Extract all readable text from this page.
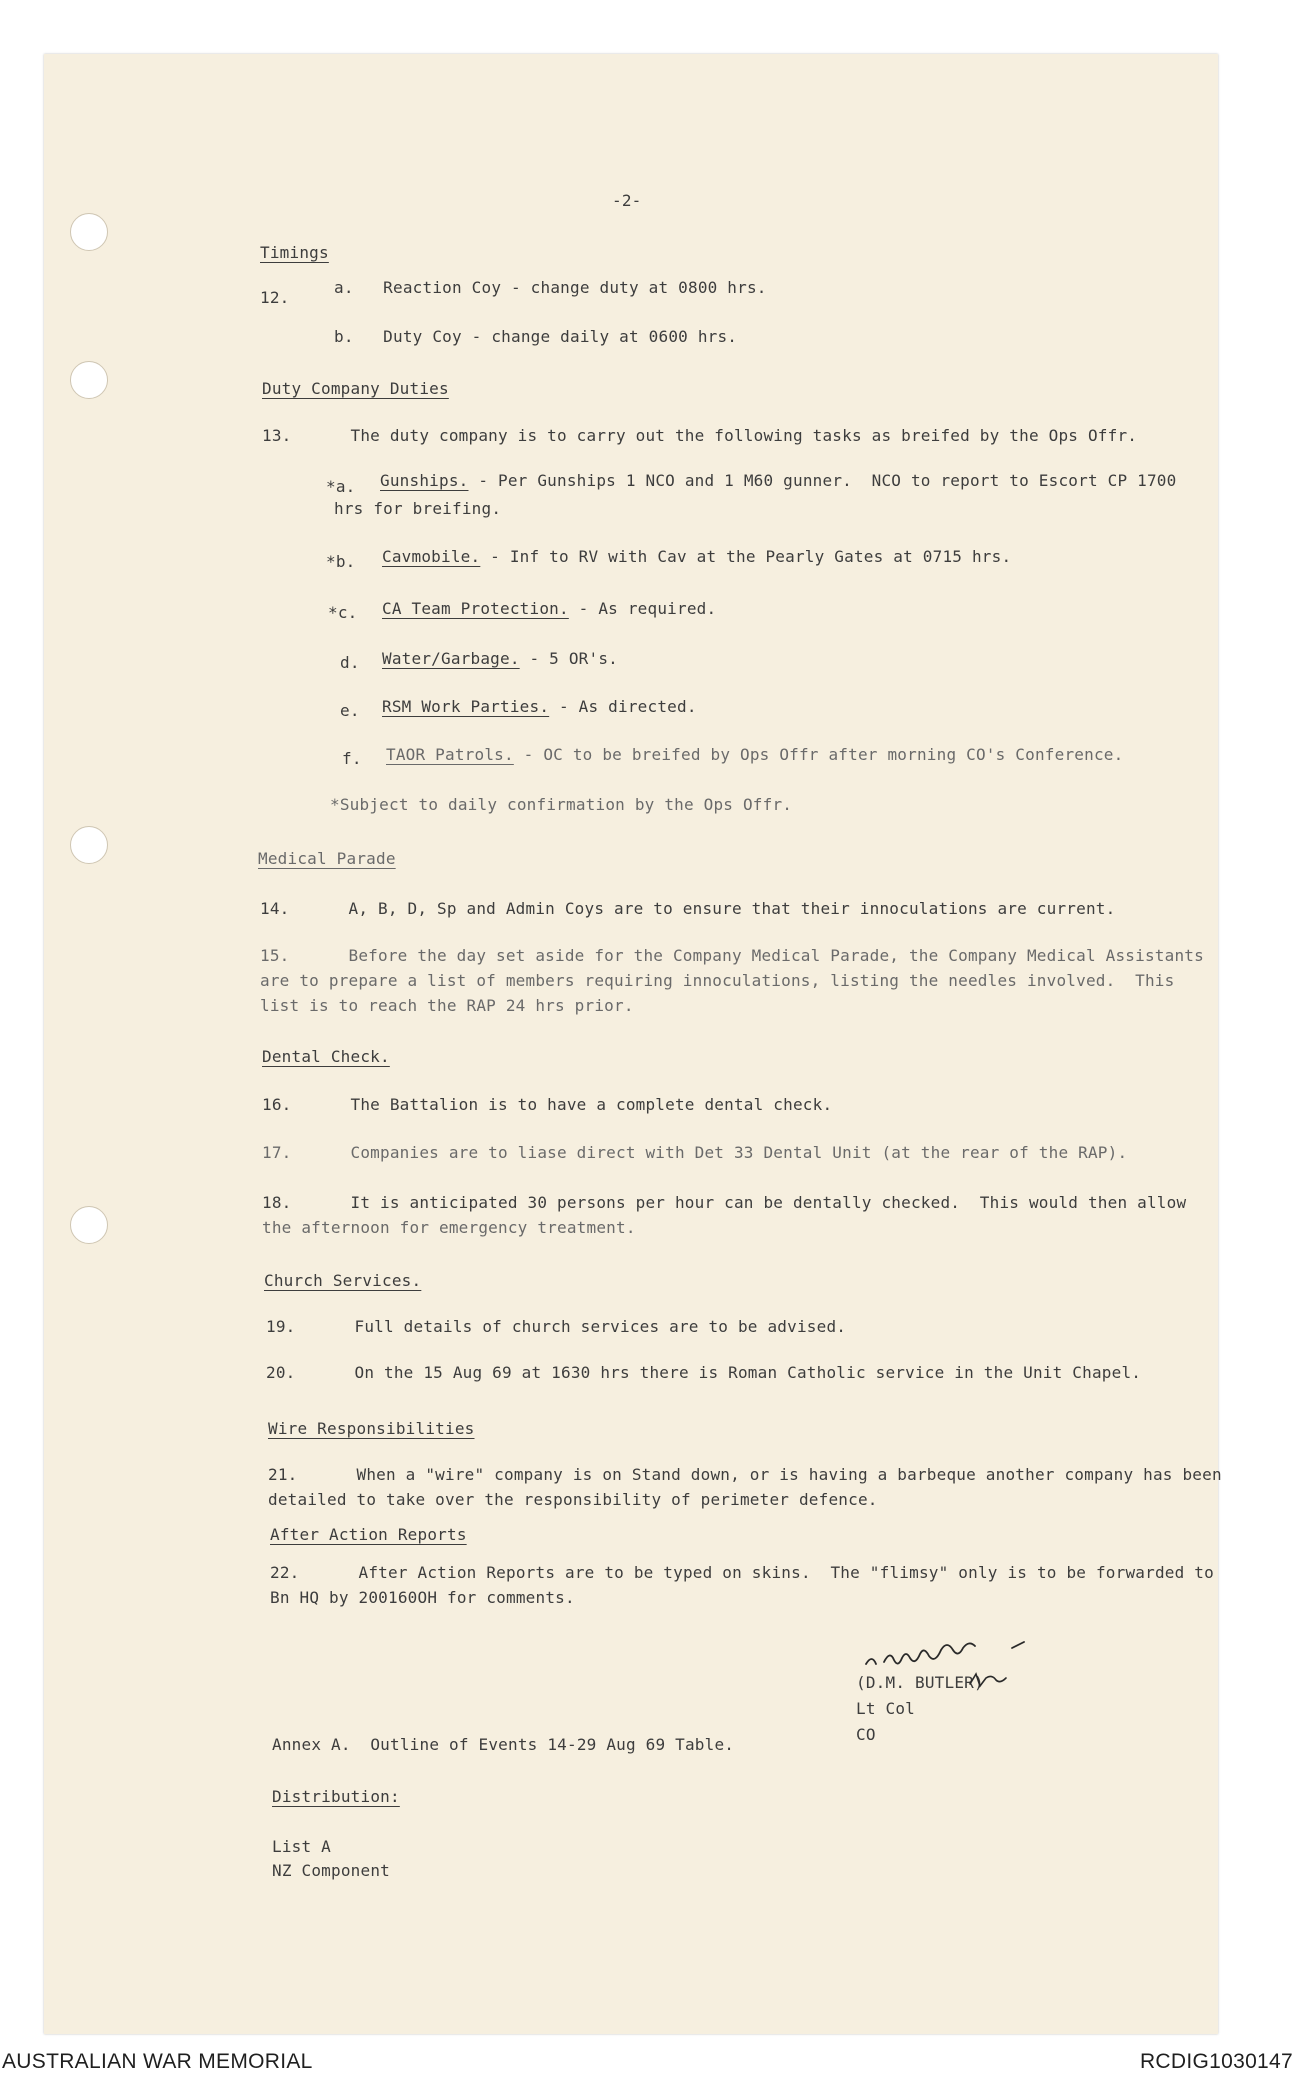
-2-
Timings
12.
a.   Reaction Coy - change duty at 0800 hrs.
b.   Duty Coy - change daily at 0600 hrs.
Duty Company Duties
13.      The duty company is to carry out the following tasks as breifed by the Ops Offr.
*a. Gunships. - Per Gunships 1 NCO and 1 M60 gunner.  NCO to report to Escort CP 1700
hrs for breifing.
*b. Cavmobile. - Inf to RV with Cav at the Pearly Gates at 0715 hrs.
*c. CA Team Protection. - As required.
d. Water/Garbage. - 5 OR's.
e. RSM Work Parties. - As directed.
f. TAOR Patrols. - OC to be breifed by Ops Offr after morning CO's Conference.
*Subject to daily confirmation by the Ops Offr.
Medical Parade
14.      A, B, D, Sp and Admin Coys are to ensure that their innoculations are current.
15.      Before the day set aside for the Company Medical Parade, the Company Medical Assistants
are to prepare a list of members requiring innoculations, listing the needles involved.  This
list is to reach the RAP 24 hrs prior.
Dental Check.
16.      The Battalion is to have a complete dental check.
17.      Companies are to liase direct with Det 33 Dental Unit (at the rear of the RAP).
18.      It is anticipated 30 persons per hour can be dentally checked.  This would then allow
the afternoon for emergency treatment.
Church Services.
19.      Full details of church services are to be advised.
20.      On the 15 Aug 69 at 1630 hrs there is Roman Catholic service in the Unit Chapel.
Wire Responsibilities
21.      When a "wire" company is on Stand down, or is having a barbeque another company has been
detailed to take over the responsibility of perimeter defence.
After Action Reports
22.      After Action Reports are to be typed on skins.  The "flimsy" only is to be forwarded to
Bn HQ by 200160OH for comments.
(D.M. BUTLER)
Lt Col
CO
Annex A.  Outline of Events 14-29 Aug 69 Table.
Distribution:
List A
NZ Component
AUSTRALIAN WAR MEMORIAL	RCDIG1030147
